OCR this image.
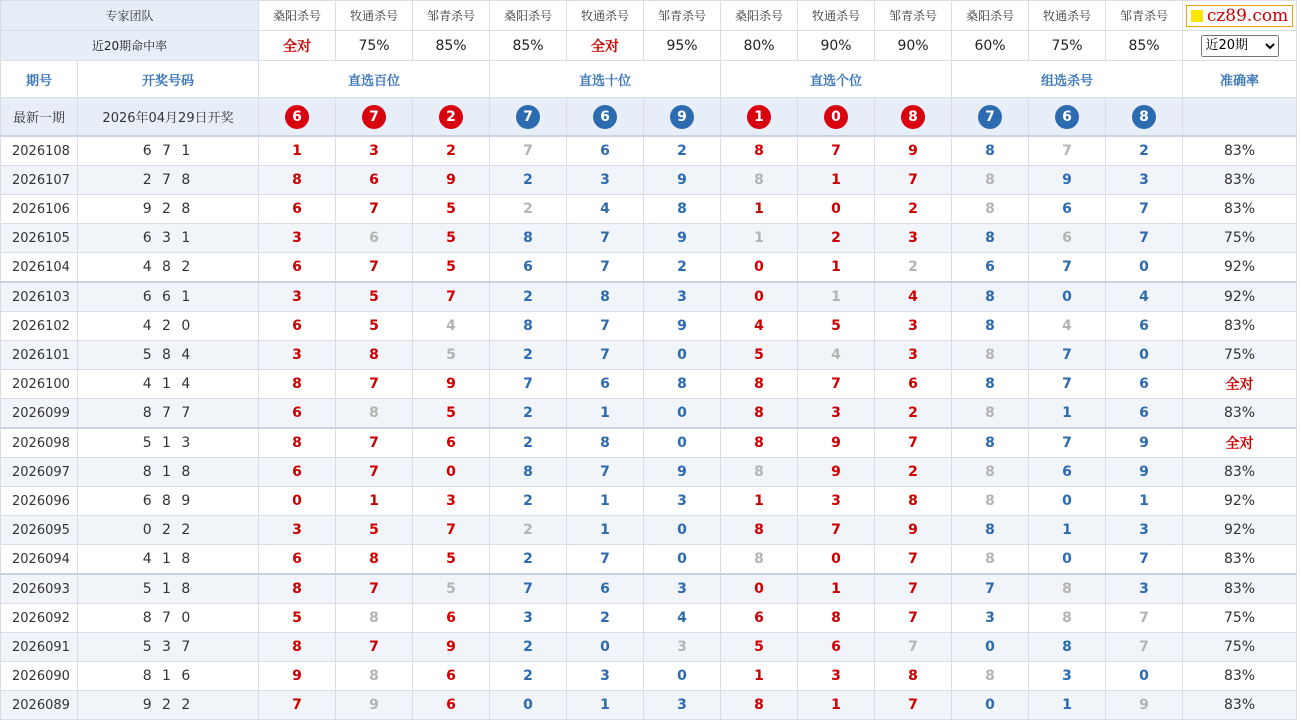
专家团队		桑阳杀号	牧通杀号	邹青杀号	桑阳杀号	牧通杀号	邹青杀号	桑阳杀号	牧通杀号	邹青杀号	桑阳杀号	牧通杀号	邹青杀号	cz89.com

近20期命中率		全对	75%	85%	85%	全对	95%	80%	90%	90%	60%	75%	85%	
近20期
期号	开奖号码	直选百位			直选十位			直选个位			组选杀号			准确率
最新一期	2026年04月29日开奖	6	7	2	7	6	9	1	0	8	7	6	8	
2026108	6 7 1	1	3	2	7	6	2	8	7	9	8	7	2	83%
2026107	2 7 8	8	6	9	2	3	9	8	1	7	8	9	3	83%
2026106	9 2 8	6	7	5	2	4	8	1	0	2	8	6	7	83%
2026105	6 3 1	3	6	5	8	7	9	1	2	3	8	6	7	75%
2026104	4 8 2	6	7	5	6	7	2	0	1	2	6	7	0	92%
2026103	6 6 1	3	5	7	2	8	3	0	1	4	8	0	4	92%
2026102	4 2 0	6	5	4	8	7	9	4	5	3	8	4	6	83%
2026101	5 8 4	3	8	5	2	7	0	5	4	3	8	7	0	75%
2026100	4 1 4	8	7	9	7	6	8	8	7	6	8	7	6	全对
2026099	8 7 7	6	8	5	2	1	0	8	3	2	8	1	6	83%
2026098	5 1 3	8	7	6	2	8	0	8	9	7	8	7	9	全对
2026097	8 1 8	6	7	0	8	7	9	8	9	2	8	6	9	83%
2026096	6 8 9	0	1	3	2	1	3	1	3	8	8	0	1	92%
2026095	0 2 2	3	5	7	2	1	0	8	7	9	8	1	3	92%
2026094	4 1 8	6	8	5	2	7	0	8	0	7	8	0	7	83%
2026093	5 1 8	8	7	5	7	6	3	0	1	7	7	8	3	83%
2026092	8 7 0	5	8	6	3	2	4	6	8	7	3	8	7	75%
2026091	5 3 7	8	7	9	2	0	3	5	6	7	0	8	7	75%
2026090	8 1 6	9	8	6	2	3	0	1	3	8	8	3	0	83%
2026089	9 2 2	7	9	6	0	1	3	8	1	7	0	1	9	83%
